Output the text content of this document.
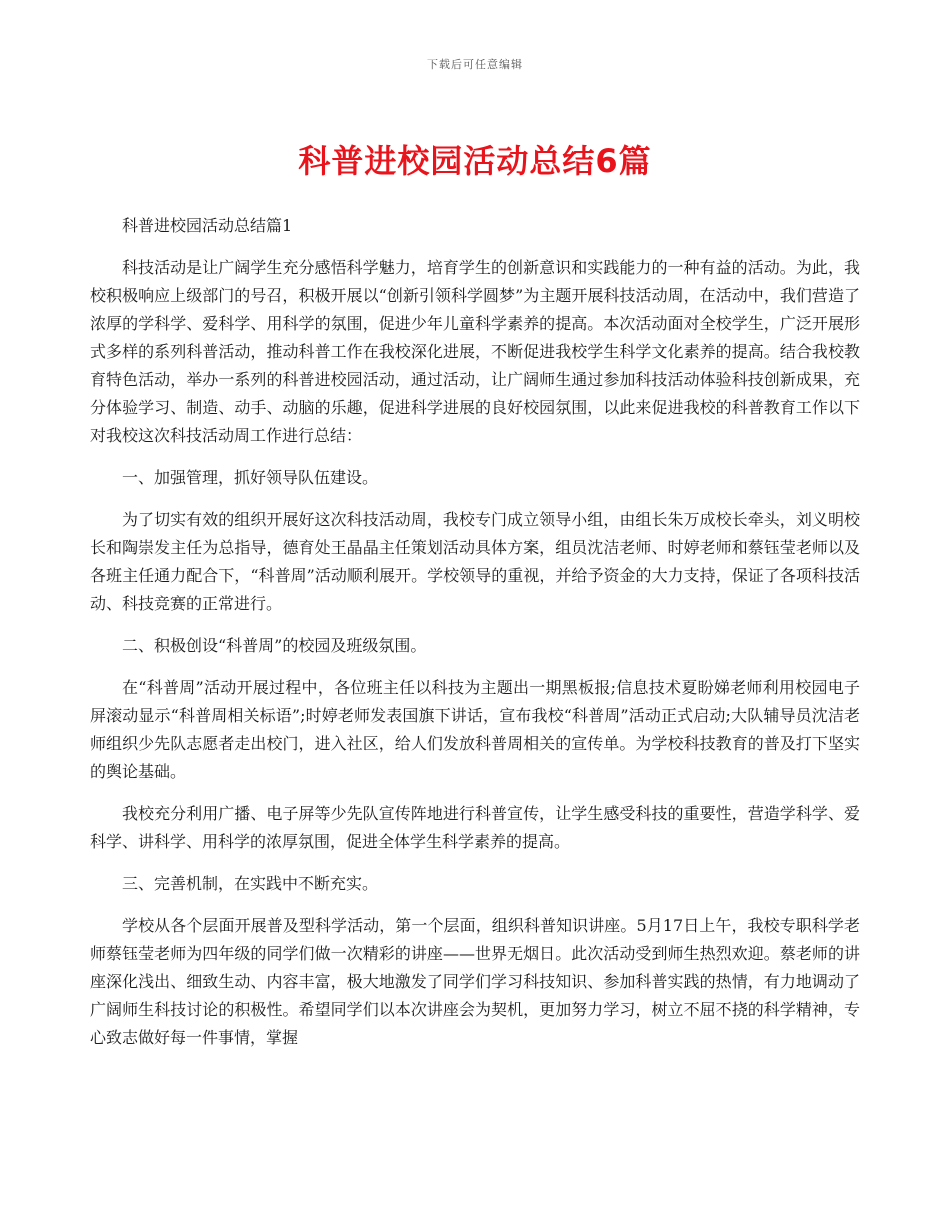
下载后可任意编辑
科普进校园活动总结6篇

科普进校园活动总结篇1

科技活动是让广阔学生充分感悟科学魅力，培育学生的创新意识和实践能力的一种有益的活动。为此，我校积极响应上级部门的号召，积极开展以“创新引领科学圆梦”为主题开展科技活动周，在活动中，我们营造了浓厚的学科学、爱科学、用科学的氛围，促进少年儿童科学素养的提高。本次活动面对全校学生，广泛开展形式多样的系列科普活动，推动科普工作在我校深化进展，不断促进我校学生科学文化素养的提高。结合我校教育特色活动，举办一系列的科普进校园活动，通过活动，让广阔师生通过参加科技活动体验科技创新成果，充分体验学习、制造、动手、动脑的乐趣，促进科学进展的良好校园氛围，以此来促进我校的科普教育工作以下对我校这次科技活动周工作进行总结：

一、加强管理，抓好领导队伍建设。

为了切实有效的组织开展好这次科技活动周，我校专门成立领导小组，由组长朱万成校长牵头，刘义明校长和陶崇发主任为总指导，德育处王晶晶主任策划活动具体方案，组员沈洁老师、时婷老师和蔡钰莹老师以及各班主任通力配合下，“科普周”活动顺利展开。学校领导的重视，并给予资金的大力支持，保证了各项科技活动、科技竞赛的正常进行。

二、积极创设“科普周”的校园及班级氛围。

在“科普周”活动开展过程中，各位班主任以科技为主题出一期黑板报;信息技术夏盼娣老师利用校园电子屏滚动显示“科普周相关标语”;时婷老师发表国旗下讲话，宣布我校“科普周”活动正式启动;大队辅导员沈洁老师组织少先队志愿者走出校门，进入社区，给人们发放科普周相关的宣传单。为学校科技教育的普及打下坚实的舆论基础。

我校充分利用广播、电子屏等少先队宣传阵地进行科普宣传，让学生感受科技的重要性，营造学科学、爱科学、讲科学、用科学的浓厚氛围，促进全体学生科学素养的提高。

三、完善机制，在实践中不断充实。

学校从各个层面开展普及型科学活动，第一个层面，组织科普知识讲座。5月17日上午，我校专职科学老师蔡钰莹老师为四年级的同学们做一次精彩的讲座——世界无烟日。此次活动受到师生热烈欢迎。蔡老师的讲座深化浅出、细致生动、内容丰富，极大地激发了同学们学习科技知识、参加科普实践的热情，有力地调动了广阔师生科技讨论的积极性。希望同学们以本次讲座会为契机，更加努力学习，树立不屈不挠的科学精神，专心致志做好每一件事情，掌握
